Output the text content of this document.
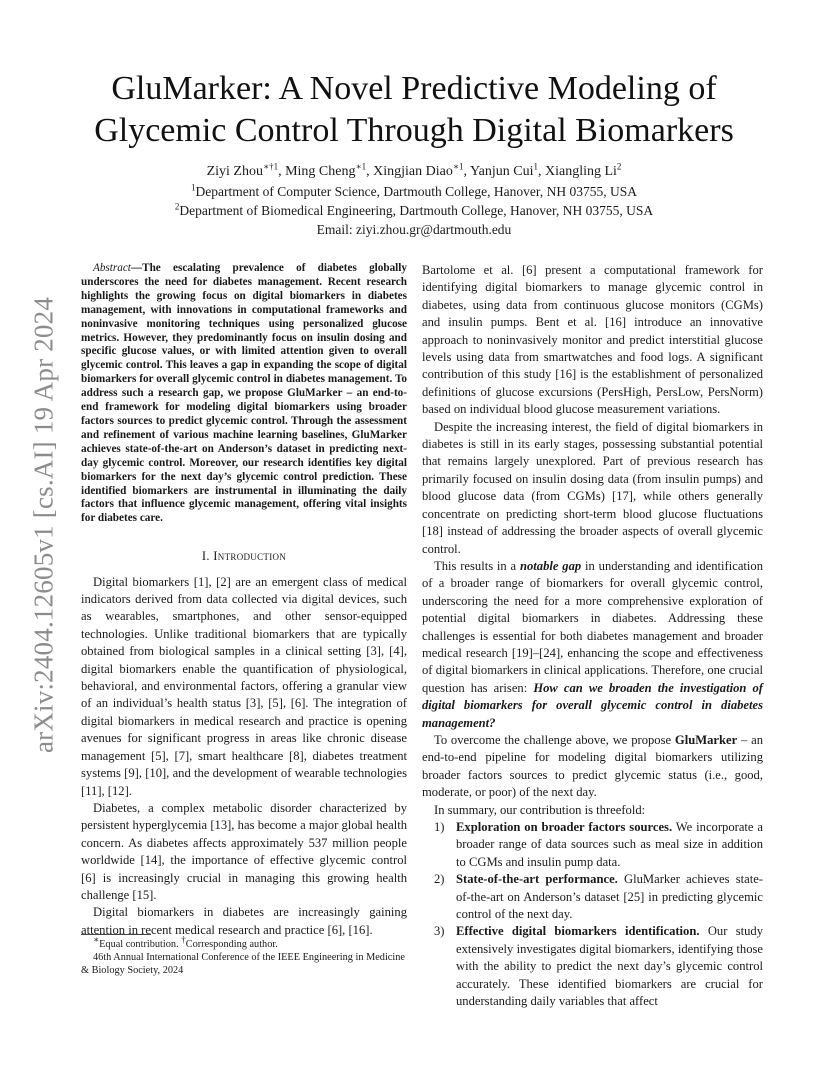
arXiv:2404.12605v1 [cs.AI] 19 Apr 2024
GluMarker: A Novel Predictive Modeling of
Glycemic Control Through Digital Biomarkers
Ziyi Zhou$^{∗\dagger 1}$, Ming Cheng$^{∗1}$, Xingjian Diao$^{∗1}$, Yanjun Cui$^1$, Xiangling Li$^2$
$^1$Department of Computer Science, Dartmouth College, Hanover, NH 03755, USA
$^2$Department of Biomedical Engineering, Dartmouth College, Hanover, NH 03755, USA
Email: ziyi.zhou.gr@dartmouth.edu

Abstract—The escalating prevalence of diabetes globally underscores the need for diabetes management. Recent research highlights the growing focus on digital biomarkers in diabetes management, with innovations in computational frameworks and noninvasive monitoring techniques using personalized glucose metrics. However, they predominantly focus on insulin dosing and specific glucose values, or with limited attention given to overall glycemic control. This leaves a gap in expanding the scope of digital biomarkers for overall glycemic control in diabetes management. To address such a research gap, we propose GluMarker – an end-to-end framework for modeling digital biomarkers using broader factors sources to predict glycemic control. Through the assessment and refinement of various machine learning baselines, GluMarker achieves state-of-the-art on Anderson’s dataset in predicting next-day glycemic control. Moreover, our research identifies key digital biomarkers for the next day’s glycemic control prediction. These identified biomarkers are instrumental in illuminating the daily factors that influence glycemic management, offering vital insights for diabetes care.

I. Introduction

Digital biomarkers [1], [2] are an emergent class of medical indicators derived from data collected via digital devices, such as wearables, smartphones, and other sensor-equipped technologies. Unlike traditional biomarkers that are typically obtained from biological samples in a clinical setting [3], [4], digital biomarkers enable the quantification of physiological, behavioral, and environmental factors, offering a granular view of an individual’s health status [3], [5], [6]. The integration of digital biomarkers in medical research and practice is opening avenues for significant progress in areas like chronic disease management [5], [7], smart healthcare [8], diabetes treatment systems [9], [10], and the development of wearable technologies [11], [12].

Diabetes, a complex metabolic disorder characterized by persistent hyperglycemia [13], has become a major global health concern. As diabetes affects approximately 537 million people worldwide [14], the importance of effective glycemic control [6] is increasingly crucial in managing this growing health challenge [15].

Digital biomarkers in diabetes are increasingly gaining attention in recent medical research and practice [6], [16].

∗Equal contribution. †Corresponding author.
46th Annual International Conference of the IEEE Engineering in Medicine & Biology Society, 2024

Bartolome et al. [6] present a computational framework for identifying digital biomarkers to manage glycemic control in diabetes, using data from continuous glucose monitors (CGMs) and insulin pumps. Bent et al. [16] introduce an innovative approach to noninvasively monitor and predict interstitial glucose levels using data from smartwatches and food logs. A significant contribution of this study [16] is the establishment of personalized definitions of glucose excursions (PersHigh, PersLow, PersNorm) based on individual blood glucose measurement variations.

Despite the increasing interest, the field of digital biomarkers in diabetes is still in its early stages, possessing substantial potential that remains largely unexplored. Part of previous research has primarily focused on insulin dosing data (from insulin pumps) and blood glucose data (from CGMs) [17], while others generally concentrate on predicting short-term blood glucose fluctuations [18] instead of addressing the broader aspects of overall glycemic control.

This results in a notable gap in understanding and identification of a broader range of biomarkers for overall glycemic control, underscoring the need for a more comprehensive exploration of potential digital biomarkers in diabetes. Addressing these challenges is essential for both diabetes management and broader medical research [19]–[24], enhancing the scope and effectiveness of digital biomarkers in clinical applications. Therefore, one crucial question has arisen: How can we broaden the investigation of digital biomarkers for overall glycemic control in diabetes management?

To overcome the challenge above, we propose GluMarker – an end-to-end pipeline for modeling digital biomarkers utilizing broader factors sources to predict glycemic status (i.e., good, moderate, or poor) of the next day.

In summary, our contribution is threefold:

1) Exploration on broader factors sources. We incorporate a broader range of data sources such as meal size in addition to CGMs and insulin pump data.
2) State-of-the-art performance. GluMarker achieves state-of-the-art on Anderson’s dataset [25] in predicting glycemic control of the next day.
3) Effective digital biomarkers identification. Our study extensively investigates digital biomarkers, identifying those with the ability to predict the next day’s glycemic control accurately. These identified biomarkers are crucial for understanding daily variables that affect
